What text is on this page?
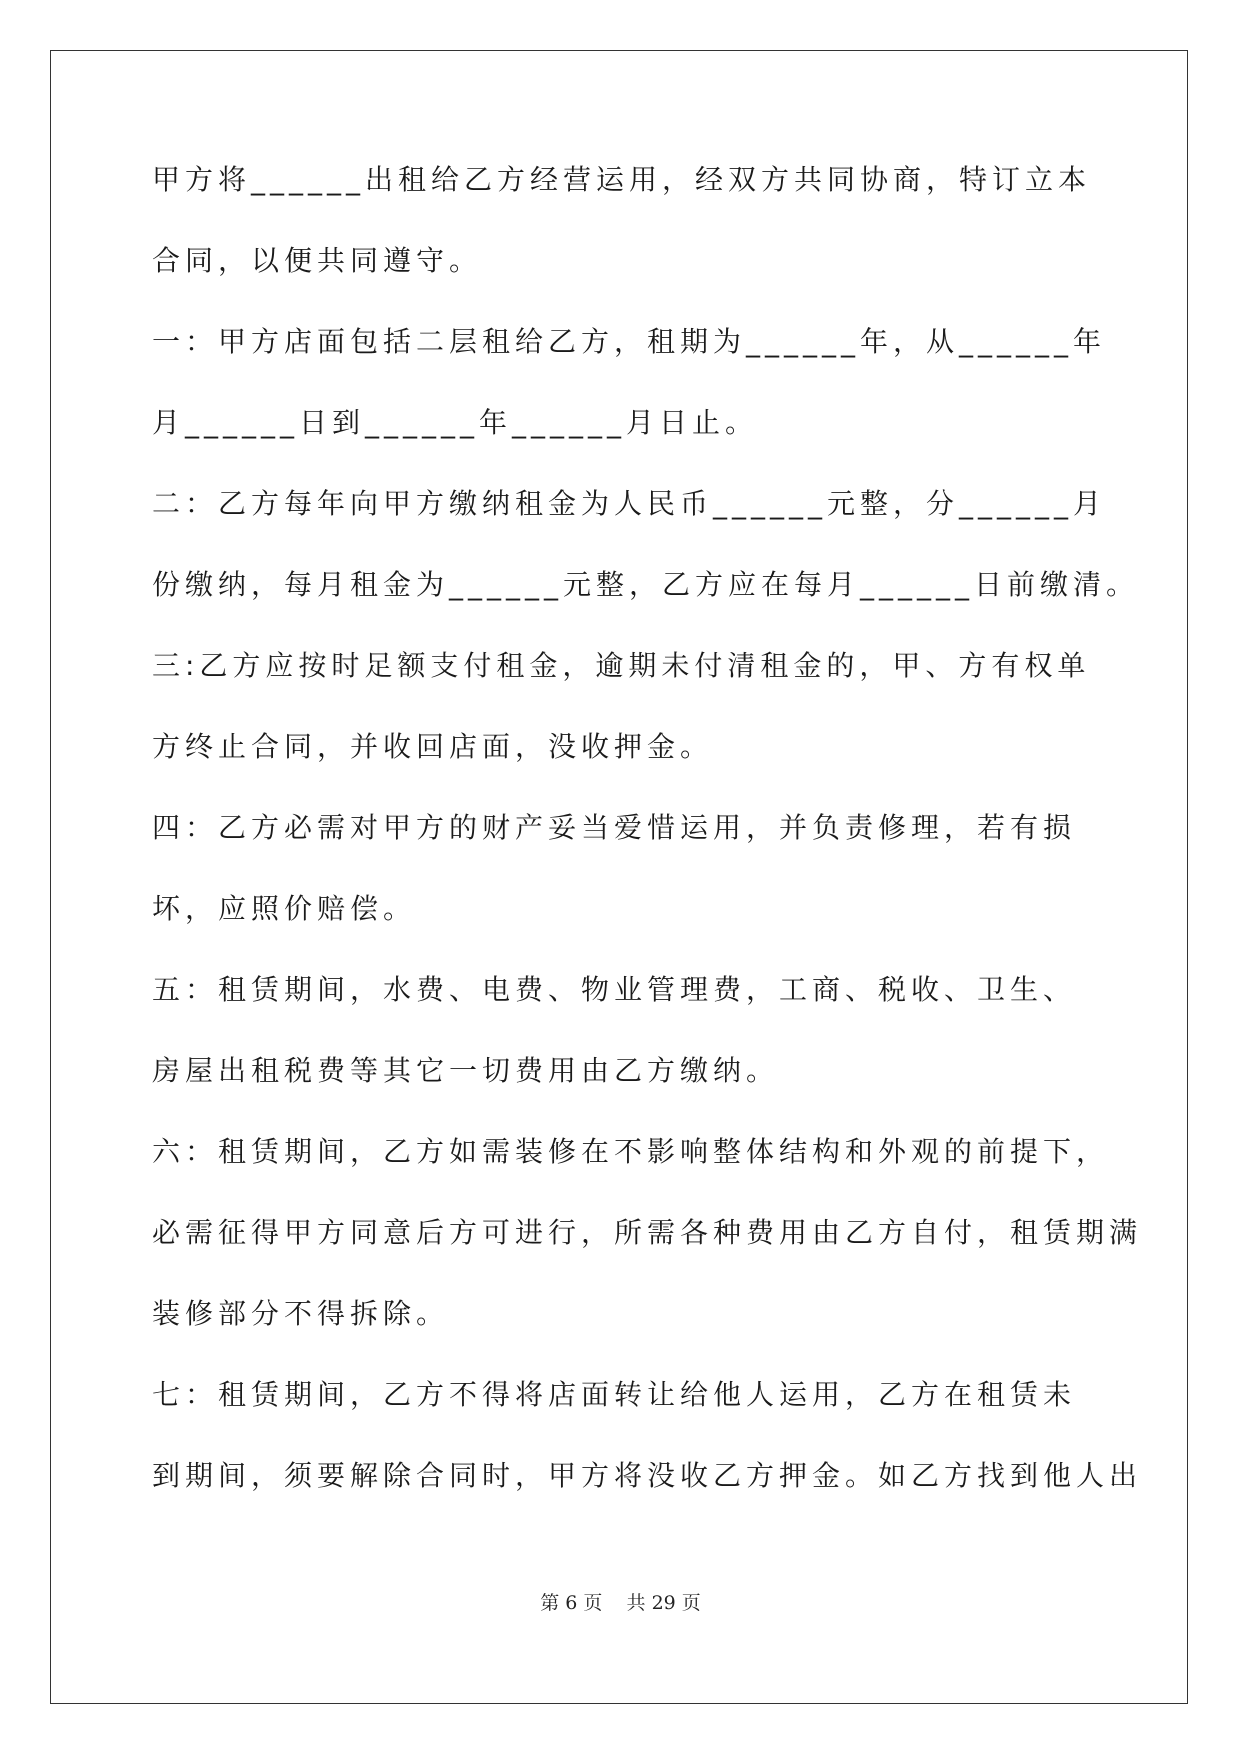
甲方将______出租给乙方经营运用，经双方共同协商，特订立本
合同，以便共同遵守。
一：甲方店面包括二层租给乙方，租期为______年，从______年
月______日到______年______月日止。
二：乙方每年向甲方缴纳租金为人民币______元整，分______月
份缴纳，每月租金为______元整，乙方应在每月______日前缴清。
三:乙方应按时足额支付租金，逾期未付清租金的，甲、方有权单
方终止合同，并收回店面，没收押金。
四：乙方必需对甲方的财产妥当爱惜运用，并负责修理，若有损
坏，应照价赔偿。
五：租赁期间，水费、电费、物业管理费，工商、税收、卫生、
房屋出租税费等其它一切费用由乙方缴纳。
六：租赁期间，乙方如需装修在不影响整体结构和外观的前提下，
必需征得甲方同意后方可进行，所需各种费用由乙方自付，租赁期满
装修部分不得拆除。
七：租赁期间，乙方不得将店面转让给他人运用，乙方在租赁未
到期间，须要解除合同时，甲方将没收乙方押金。如乙方找到他人出
第 6 页    共 29 页
